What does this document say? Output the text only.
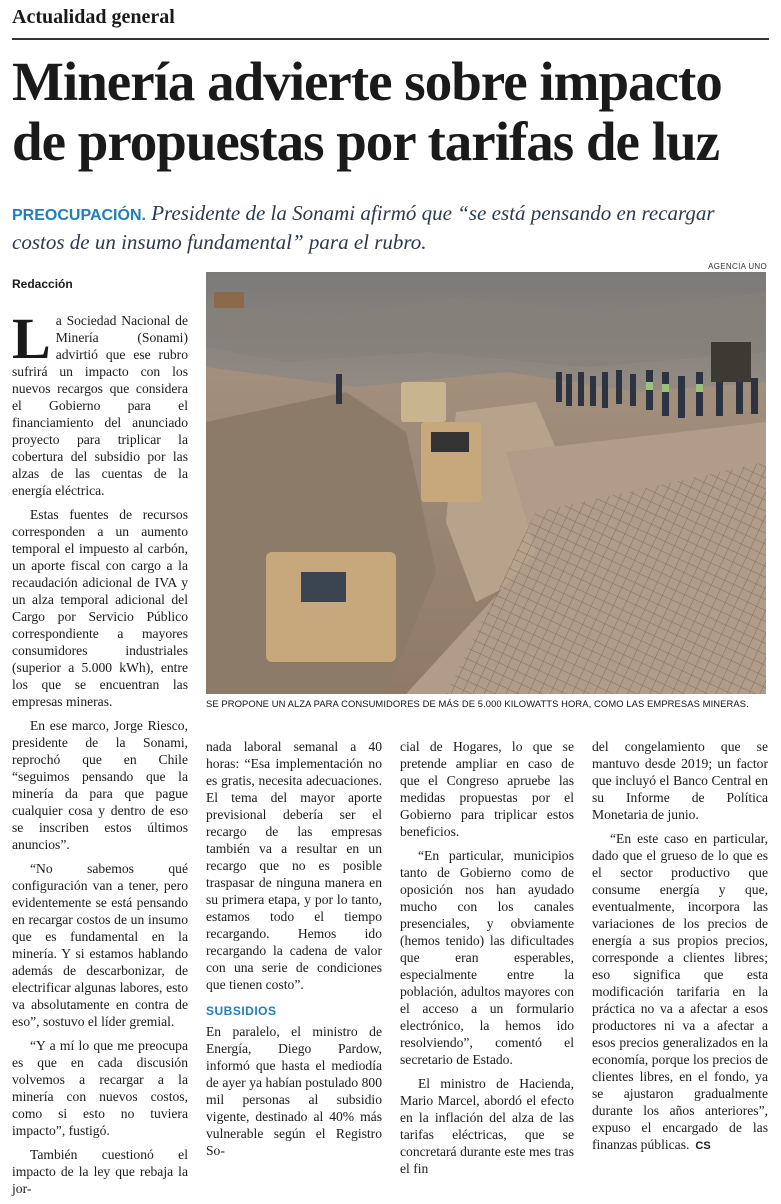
Actualidad general
Minería advierte sobre impacto de propuestas por tarifas de luz
PREOCUPACIÓN. Presidente de la Sonami afirmó que “se está pensando en recargar costos de un insumo fundamental” para el rubro.
AGENCIA UNO
Redacción
SE PROPONE UN ALZA PARA CONSUMIDORES DE MÁS DE 5.000 KILOWATTS HORA, COMO LAS EMPRESAS MINERAS.

La Sociedad Nacional de Minería (Sonami) advirtió que ese rubro sufrirá un impacto con los nuevos recargos que considera el Gobierno para el financiamiento del anunciado proyecto para triplicar la cobertura del subsidio por las alzas de las cuentas de la energía eléctrica.

Estas fuentes de recursos corresponden a un aumento temporal el impuesto al carbón, un aporte fiscal con cargo a la recaudación adicional de IVA y un alza temporal adicional del Cargo por Servicio Público correspondiente a mayores consumidores industriales (superior a 5.000 kWh), entre los que se encuentran las empresas mineras.

En ese marco, Jorge Riesco, presidente de la Sonami, reprochó que en Chile “seguimos pensando que la minería da para que pague cualquier cosa y dentro de eso se inscriben estos últimos anuncios”.

“No sabemos qué configuración van a tener, pero evidentemente se está pensando en recargar costos de un insumo que es fundamental en la minería. Y si estamos hablando además de descarbonizar, de electrificar algunas labores, esto va absolutamente en contra de eso”, sostuvo el líder gremial.

“Y a mí lo que me preocupa es que en cada discusión volvemos a recargar a la minería con nuevos costos, como si esto no tuviera impacto”, fustigó.

También cuestionó el impacto de la ley que rebaja la jor-

nada laboral semanal a 40 horas: “Esa implementación no es gratis, necesita adecuaciones. El tema del mayor aporte previsional debería ser el recargo de las empresas también va a resultar en un recargo que no es posible traspasar de ninguna manera en su primera etapa, y por lo tanto, estamos todo el tiempo recargando. Hemos ido recargando la cadena de valor con una serie de condiciones que tienen costo”.

SUBSIDIOS

En paralelo, el ministro de Energía, Diego Pardow, informó que hasta el mediodía de ayer ya habían postulado 800 mil personas al subsidio vigente, destinado al 40% más vulnerable según el Registro So-

cial de Hogares, lo que se pretende ampliar en caso de que el Congreso apruebe las medidas propuestas por el Gobierno para triplicar estos beneficios.

“En particular, municipios tanto de Gobierno como de oposición nos han ayudado mucho con los canales presenciales, y obviamente (hemos tenido) las dificultades que eran esperables, especialmente entre la población, adultos mayores con el acceso a un formulario electrónico, la hemos ido resolviendo”, comentó el secretario de Estado.

El ministro de Hacienda, Mario Marcel, abordó el efecto en la inflación del alza de las tarifas eléctricas, que se concretará durante este mes tras el fin

del congelamiento que se mantuvo desde 2019; un factor que incluyó el Banco Central en su Informe de Política Monetaria de junio.

“En este caso en particular, dado que el grueso de lo que es el sector productivo que consume energía y que, eventualmente, incorpora las variaciones de los precios de energía a sus propios precios, corresponde a clientes libres; eso significa que esta modificación tarifaria en la práctica no va a afectar a esos productores ni va a afectar a esos precios generalizados en la economía, porque los precios de clientes libres, en el fondo, ya se ajustaron gradualmente durante los años anteriores”, expuso el encargado de las finanzas públicas. CS
